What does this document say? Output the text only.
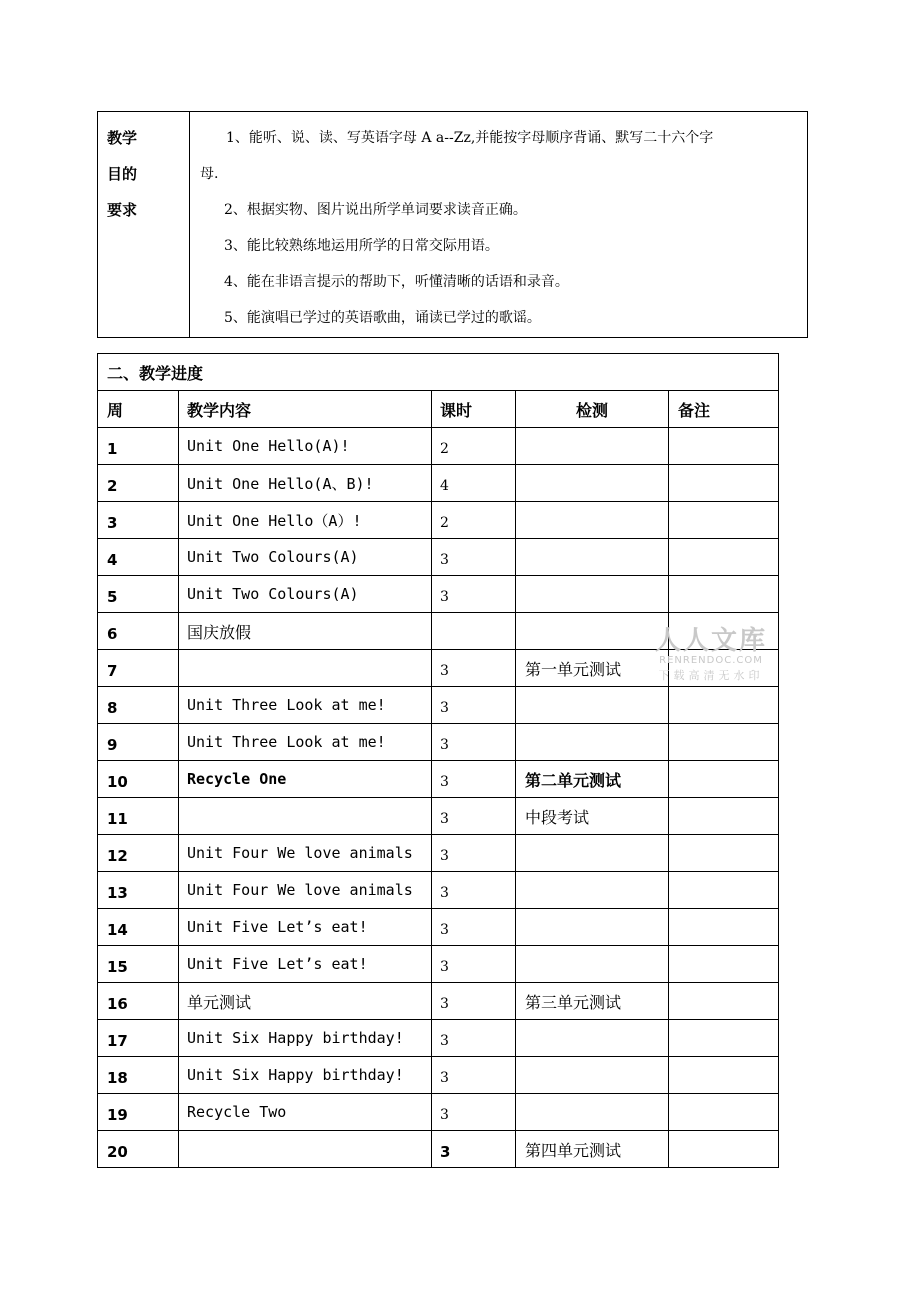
教学
目的
要求

1、能听、说、读、写英语字母 A a--Zz,并能按字母顺序背诵、默写二十六个字
母.
2、根据实物、图片说出所学单词要求读音正确。
3、能比较熟练地运用所学的日常交际用语。
4、能在非语言提示的帮助下，听懂清晰的话语和录音。
5、能演唱已学过的英语歌曲，诵读已学过的歌谣。
二、教学进度				
周	教学内容	课时	检测	备注
1	Unit One Hello(A)!	2		
2	Unit One Hello(A、B)!	4		
3	Unit One Hello（A）!	2		
4	Unit Two Colours(A)	3		
5	Unit Two Colours(A)	3		
6	国庆放假			
7		3	第一单元测试	
8	Unit Three Look at me!	3		
9	Unit Three Look at me!	3		
10	Recycle One	3	第二单元测试	
11		3	中段考试	
12	Unit Four We love animals	3		
13	Unit Four We love animals	3		
14	Unit Five Let’s eat!	3		
15	Unit Five Let’s eat!	3		
16	单元测试	3	第三单元测试	
17	Unit Six Happy birthday!	3		
18	Unit Six Happy birthday!	3		
19	Recycle Two	3		
20		3	第四单元测试	
人人文库
RENRENDOC.COM
下载高清无水印
